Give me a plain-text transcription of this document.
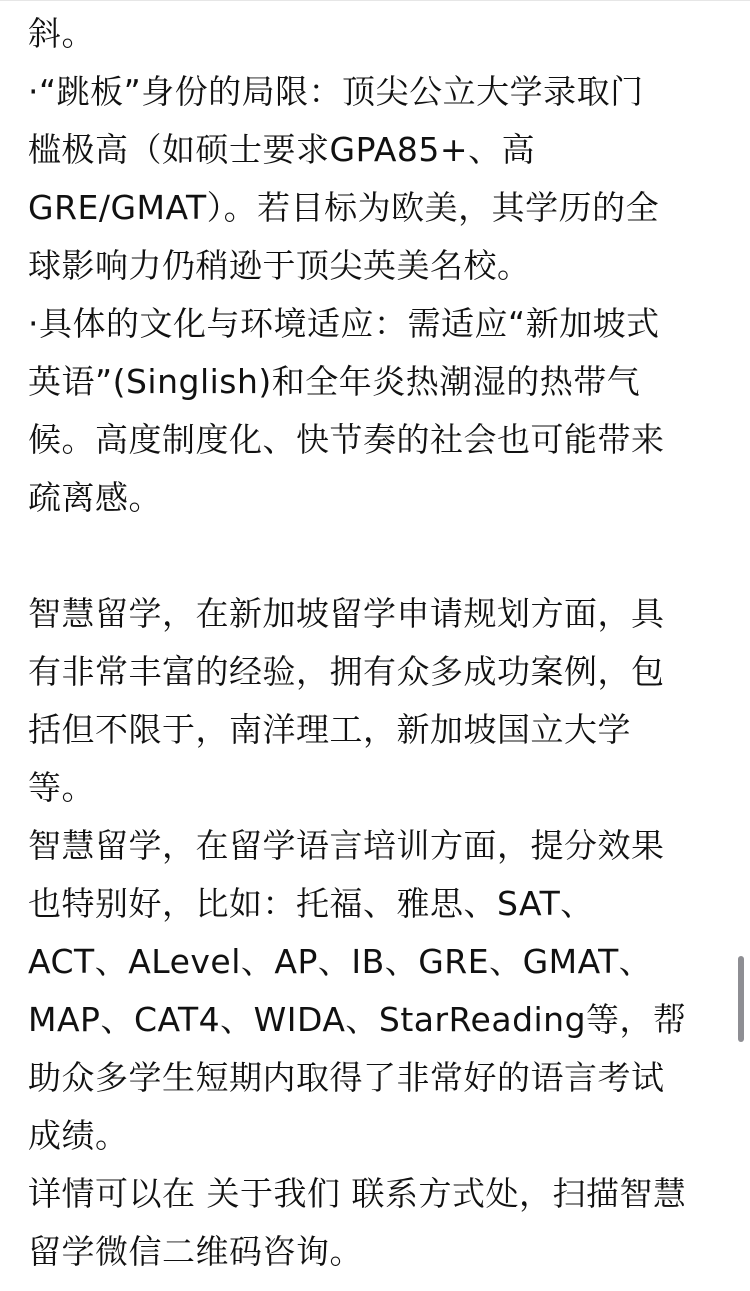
斜。
·“跳板”身份的局限：顶尖公立大学录取门
槛极高（如硕士要求GPA85+、高
GRE/GMAT）。若目标为欧美，其学历的全
球影响力仍稍逊于顶尖英美名校。
·具体的文化与环境适应：需适应“新加坡式
英语”(Singlish)和全年炎热潮湿的热带气
候。高度制度化、快节奏的社会也可能带来
疏离感。
智慧留学，在新加坡留学申请规划方面，具
有非常丰富的经验，拥有众多成功案例，包
括但不限于，南洋理工，新加坡国立大学
等。
智慧留学，在留学语言培训方面，提分效果
也特别好，比如：托福、雅思、SAT、
ACT、ALevel、AP、IB、GRE、GMAT、
MAP、CAT4、WIDA、StarReading等，帮
助众多学生短期内取得了非常好的语言考试
成绩。
详情可以在 关于我们 联系方式处，扫描智慧
留学微信二维码咨询。
